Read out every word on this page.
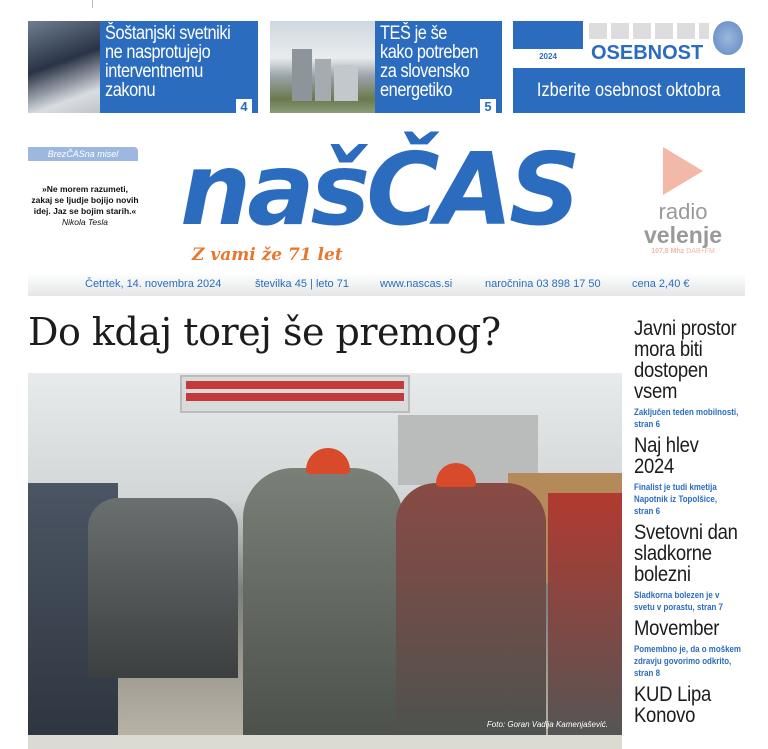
Šoštanjski svetniki
ne nasprotujejo
interventnemu
zakonu
4
TEŠ je še
kako potreben
za slovensko
energetiko
5
Naj
2024	OSEBNOST
Izberite osebnost oktobra
BrezČASna misel
»Ne morem razumeti,
zakaj se ljudje bojijo novih
idej. Jaz se bojim starih.«
Nikola Tesla našČAS
Z vami že 71 let
radio
velenje
107,8 Mhz DAB+FM
Četrtek, 14. novembra 2024	številka 45 | leto 71	www.nascas.si	naročnina 03 898 17 50	cena 2,40 €
Do kdaj torej še premog?
Foto: Goran Vadija Kamenjašević.
Javni prostor
mora biti
dostopen
vsem

Zaključen teden mobilnosti,
stran 6

Naj hlev
2024

Finalist je tudi kmetija
Napotnik iz Topolšice,
stran 6

Svetovni dan
sladkorne
bolezni

Sladkorna bolezen je v
svetu v porastu, stran 7

Movember

Pomembno je, da o moškem
zdravju govorimo odkrito,
stran 8

KUD Lipa
Konovo
